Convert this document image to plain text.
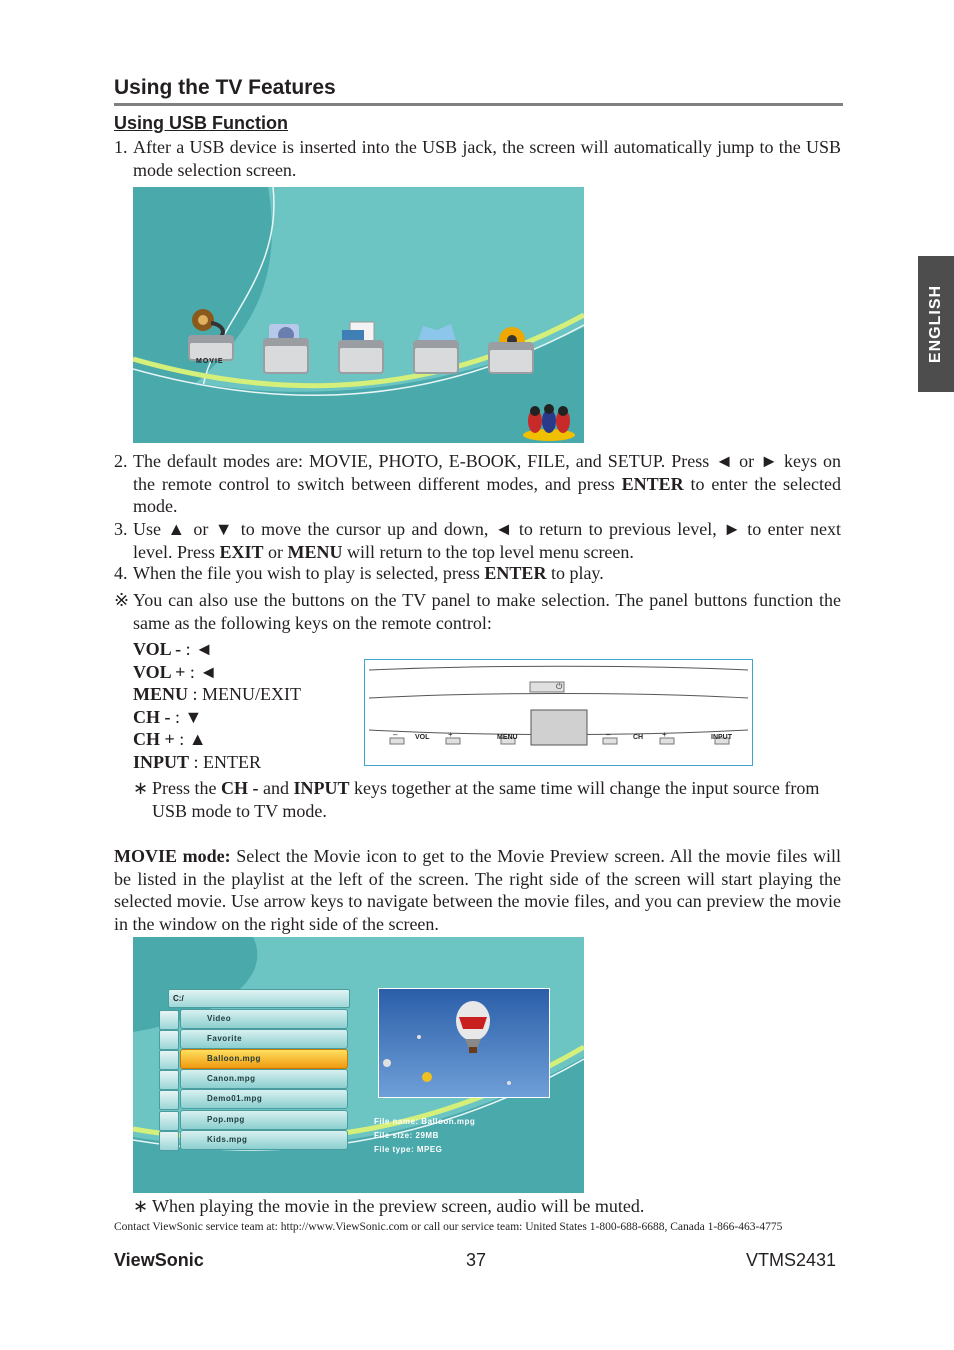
Using the TV Features
Using USB Function
ENGLISH
1. After a USB device is inserted into the USB jack, the screen will automatically jump to the USB mode selection screen.
MOVIE
2. The default modes are: MOVIE, PHOTO, E-BOOK, FILE, and SETUP. Press ◄ or ► keys on the remote control to switch between different modes, and press ENTER to enter the selected mode.
3. Use ▲ or ▼ to move the cursor up and down, ◄ to return to previous level, ► to enter next level. Press EXIT or MENU will return to the top level menu screen.
4. When the file you wish to play is selected, press ENTER to play.
※ You can also use the buttons on the TV panel to make selection. The panel buttons function the same as the following keys on the remote control:
VOL - : ◄
VOL + : ◄
MENU : MENU/EXIT
CH - : ▼
CH + : ▲
INPUT : ENTER
⏻
–	VOL +	MENU	–	CH +	INPUT
∗ Press the CH - and INPUT keys together at the same time will change the input source from USB mode to TV mode.
MOVIE mode: Select the Movie icon to get to the Movie Preview screen. All the movie files will be listed in the playlist at the left of the screen. The right side of the screen will start playing the selected movie. Use arrow keys to navigate between the movie files, and you can preview the movie in the window on the right side of the screen.
C:/
Video
Favorite
Balloon.mpg
Canon.mpg
Demo01.mpg
Pop.mpg
Kids.mpg
File name: Balloon.mpg
File size: 29MB
File type: MPEG
∗ When playing the movie in the preview screen, audio will be muted.
Contact ViewSonic service team at: http://www.ViewSonic.com or call our service team: United States 1-800-688-6688, Canada 1-866-463-4775
ViewSonic	37	VTMS2431
